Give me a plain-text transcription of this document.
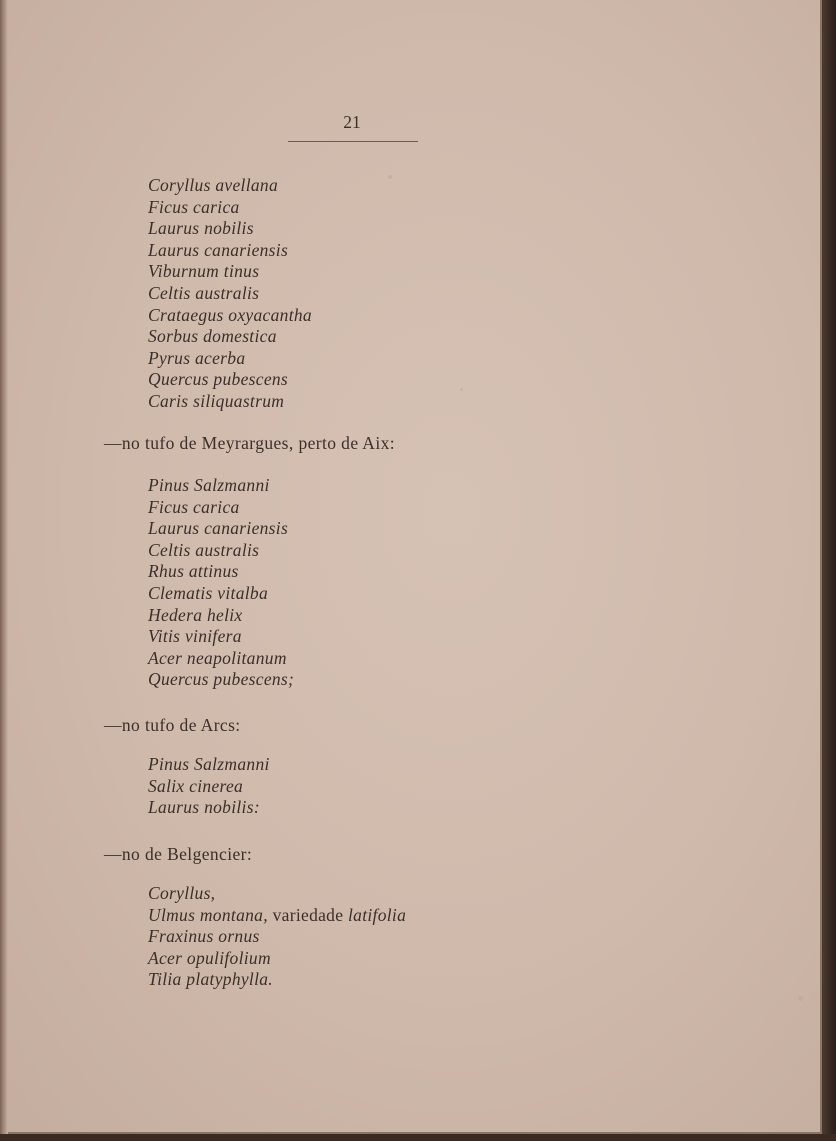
21
Coryllus avellana
Ficus carica
Laurus nobilis
Laurus canariensis
Viburnum tinus
Celtis australis
Crataegus oxyacantha
Sorbus domestica
Pyrus acerba
Quercus pubescens
Caris siliquastrum
—no tufo de Meyrargues, perto de Aix:
Pinus Salzmanni
Ficus carica
Laurus canariensis
Celtis australis
Rhus attinus
Clematis vitalba
Hedera helix
Vitis vinifera
Acer neapolitanum
Quercus pubescens;
—no tufo de Arcs:
Pinus Salzmanni
Salix cinerea
Laurus nobilis:
—no de Belgencier:
Coryllus,
Ulmus montana, variedade latifolia
Fraxinus ornus
Acer opulifolium
Tilia platyphylla.
